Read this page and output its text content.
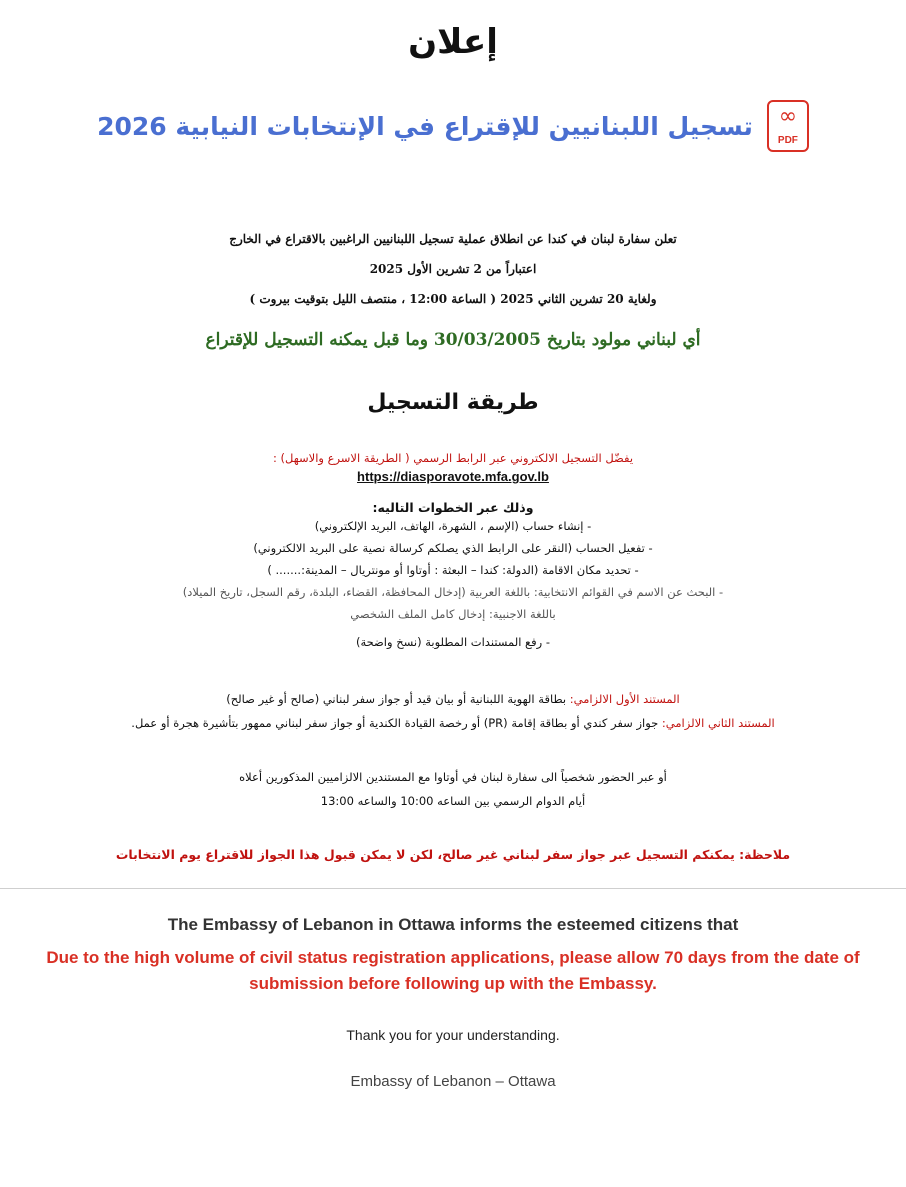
إعلان
تسجيل اللبنانيين للإقتراع في الإنتخابات النيابية 2026	∞
PDF
تعلن سفارة لبنان في كندا عن انطلاق عملية تسجيل اللبنانيين الراغبين بالاقتراع في الخارج
اعتباراً من 2 تشرين الأول 2025
ولغاية 20 تشرين الثاني 2025 ( الساعة 12:00 ، منتصف الليل بتوقيت بيروت )
أي لبناني مولود بتاريخ 30/03/2005 وما قبل يمكنه التسجيل للإقتراع
طريقة التسجيل
يفضّل التسجيل الالكتروني عبر الرابط الرسمي ( الطريقة الاسرع والاسهل) :
https://diasporavote.mfa.gov.lb
وذلك عبر الخطوات التاليه:
- إنشاء حساب (الإسم ، الشهرة، الهاتف، البريد الإلكتروني)
- تفعيل الحساب (النقر على الرابط الذي يصلكم كرسالة نصية على البريد الالكتروني)
- تحديد مكان الاقامة (الدولة: كندا – البعثة : أوتاوا أو مونتريال – المدينة:....... )
- البحث عن الاسم في القوائم الانتخابية: باللغة العربية (إدخال المحافظة، القضاء، البلدة، رقم السجل، تاريخ الميلاد)
باللغة الاجنبية: إدخال كامل الملف الشخصي
- رفع المستندات المطلوبة (نسخ واضحة)
المستند الأول الالزامي: بطاقة الهوية اللبنانية أو بيان قيد أو جواز سفر لبناني (صالح أو غير صالح)
المستند الثاني الالزامي: جواز سفر كندي أو بطاقة إقامة (PR) أو رخصة القيادة الكندية أو جواز سفر لبناني ممهور بتأشيرة هجرة أو عمل.
أو عبر الحضور شخصياً الى سفارة لبنان في أوتاوا مع المستندين الالزاميين المذكورين أعلاه
أيام الدوام الرسمي بين الساعه 10:00 والساعه 13:00
ملاحظة: يمكنكم التسجيل عبر جواز سفر لبناني غير صالح، لكن لا يمكن قبول هذا الجواز للاقتراع يوم الانتخابات
The Embassy of Lebanon in Ottawa informs the esteemed citizens that
Due to the high volume of civil status registration applications, please allow 70 days from the date of submission before following up with the Embassy.
Thank you for your understanding.
Embassy of Lebanon – Ottawa
